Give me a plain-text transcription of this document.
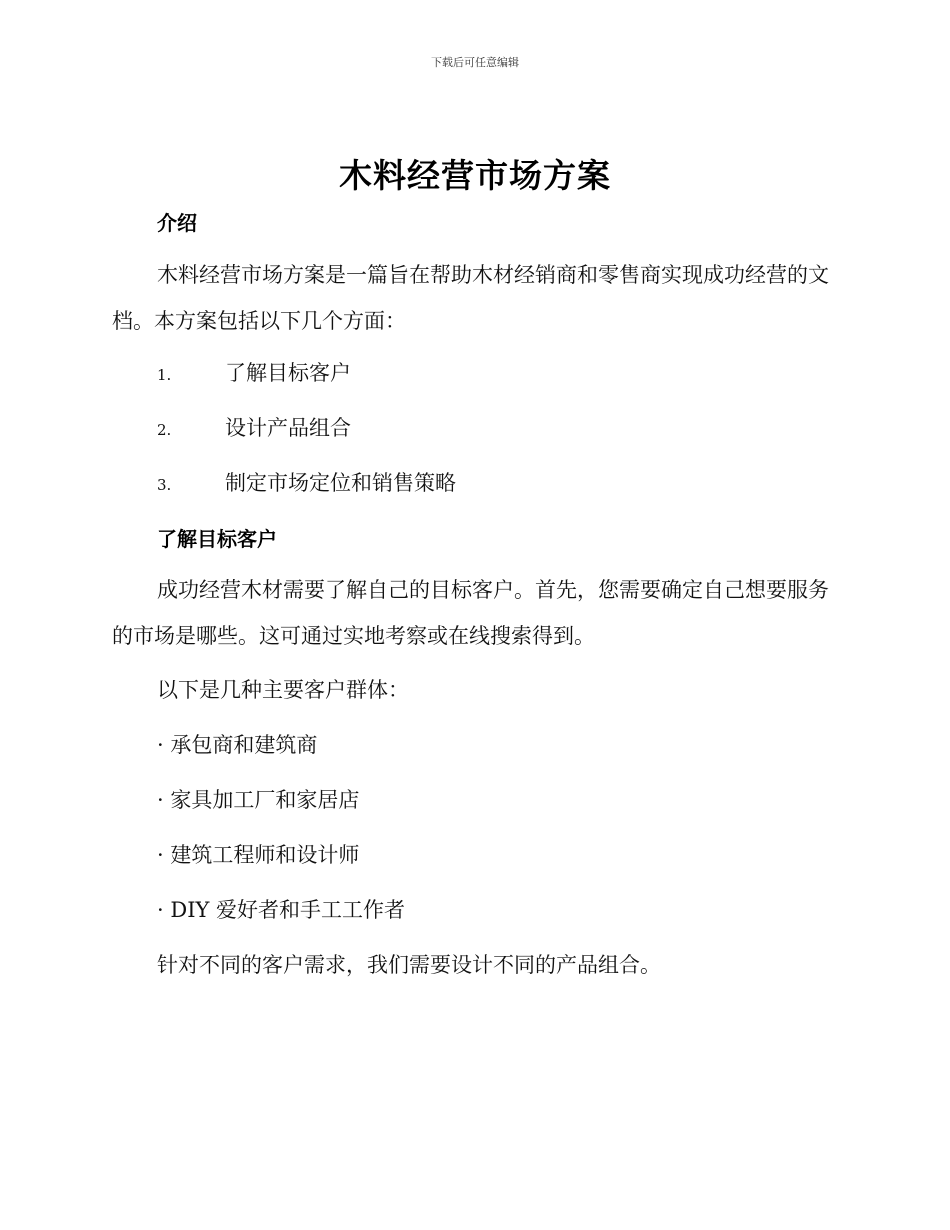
下载后可任意编辑
木料经营市场方案
介绍
木料经营市场方案是一篇旨在帮助木材经销商和零售商实现成功经营的文档。本方案包括以下几个方面：
1.	了解目标客户
2.	设计产品组合
3.	制定市场定位和销售策略
了解目标客户
成功经营木材需要了解自己的目标客户。首先，您需要确定自己想要服务的市场是哪些。这可通过实地考察或在线搜索得到。
以下是几种主要客户群体：
· 承包商和建筑商
· 家具加工厂和家居店
· 建筑工程师和设计师
· DIY 爱好者和手工工作者
针对不同的客户需求，我们需要设计不同的产品组合。
